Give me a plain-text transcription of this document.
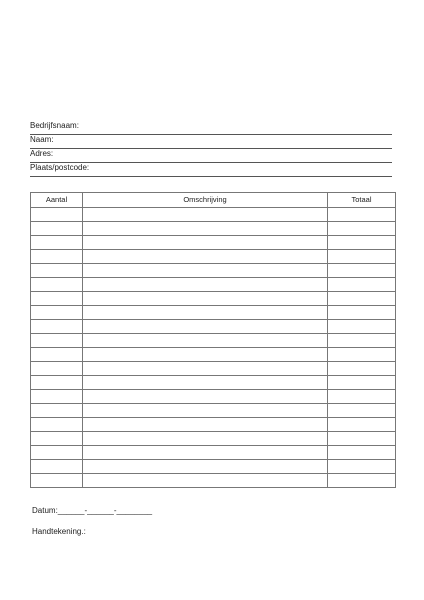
Bedrijfsnaam:
Naam:
Adres:
Plaats/postcode:
Aantal	Omschrijving	Totaal

Datum:______-______-________
Handtekening.:
